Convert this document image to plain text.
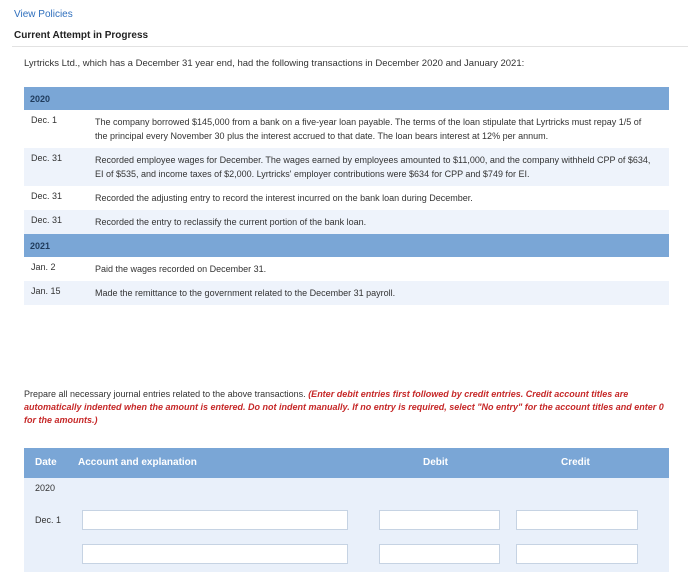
View Policies
Current Attempt in Progress
Lyrtricks Ltd., which has a December 31 year end, had the following transactions in December 2020 and January 2021:
2020	
Dec. 1	The company borrowed $145,000 from a bank on a five-year loan payable. The terms of the loan stipulate that Lyrtricks must repay 1/5 of the principal every November 30 plus the interest accrued to that date. The loan bears interest at 12% per annum.
Dec. 31	Recorded employee wages for December. The wages earned by employees amounted to $11,000, and the company withheld CPP of $634, EI of $535, and income taxes of $2,000. Lyrtricks' employer contributions were $634 for CPP and $749 for EI.
Dec. 31	Recorded the adjusting entry to record the interest incurred on the bank loan during December.
Dec. 31	Recorded the entry to reclassify the current portion of the bank loan.
2021	
Jan. 2	Paid the wages recorded on December 31.
Jan. 15	Made the remittance to the government related to the December 31 payroll.
Prepare all necessary journal entries related to the above transactions. (Enter debit entries first followed by credit entries. Credit account titles are automatically indented when the amount is entered. Do not indent manually. If no entry is required, select "No entry" for the account titles and enter 0 for the amounts.)
Date Account and explanation	Debit	Credit
2020
Dec. 1
